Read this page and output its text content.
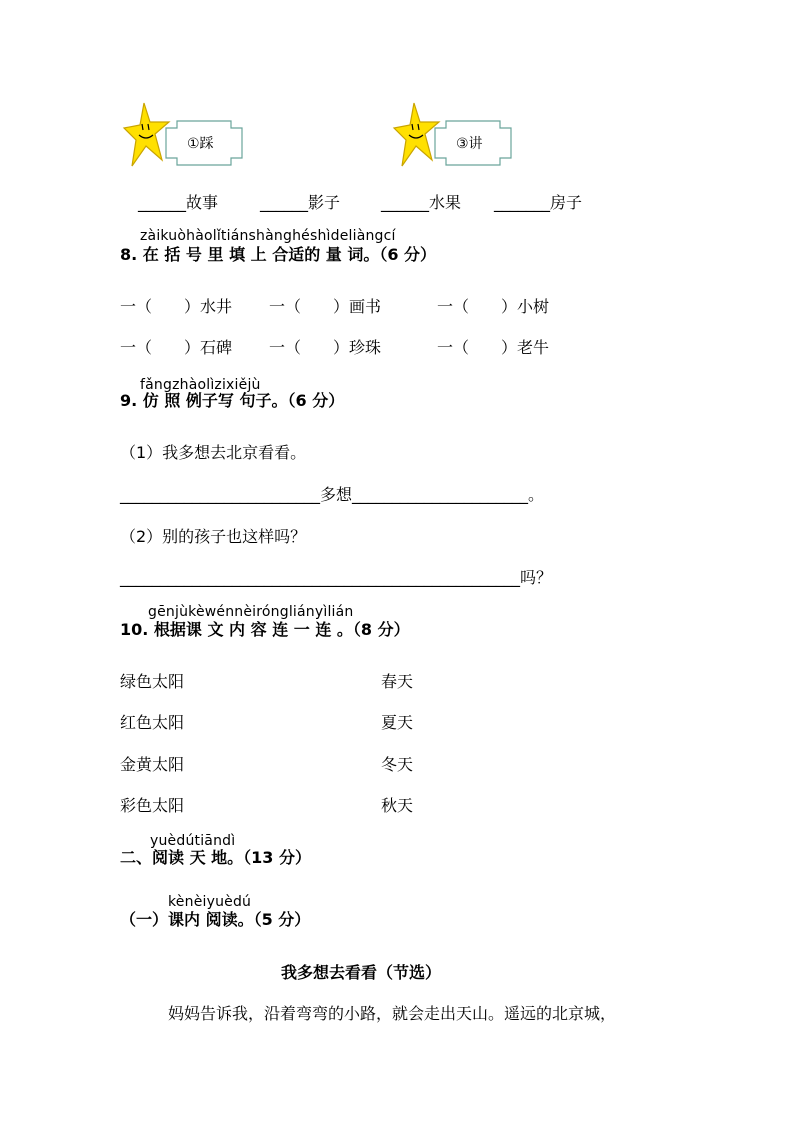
①踩	③讲
______故事	______影子	______水果 _______房子
zàikuòhàolǐtiánshànghéshìdeliàngcí
8. 在 括 号 里 填 上 合适的 量 词。（6 分）
一（　　）水井 一（　　）画书	一（　　）小树
一（　　）石碑 一（　　）珍珠	一（　　）老牛
fǎngzhàolìzixiějù
9. 仿 照 例子写 句子。（6 分）
（1）我多想去北京看看。
_________________________多想______________________。
（2）别的孩子也这样吗？
__________________________________________________吗？
gēnjùkèwénnèiróngliányìlián
10. 根据课 文 内 容 连 一 连 。（8 分）
绿色太阳
红色太阳
金黄太阳
彩色太阳
春天
夏天
冬天
秋天
yuèdútiāndì
二、阅读 天 地。（13 分）
kènèiyuèdú
（一）课内 阅读。（5 分）
我多想去看看（节选）
妈妈告诉我，沿着弯弯的小路，就会走出天山。遥远的北京城，
